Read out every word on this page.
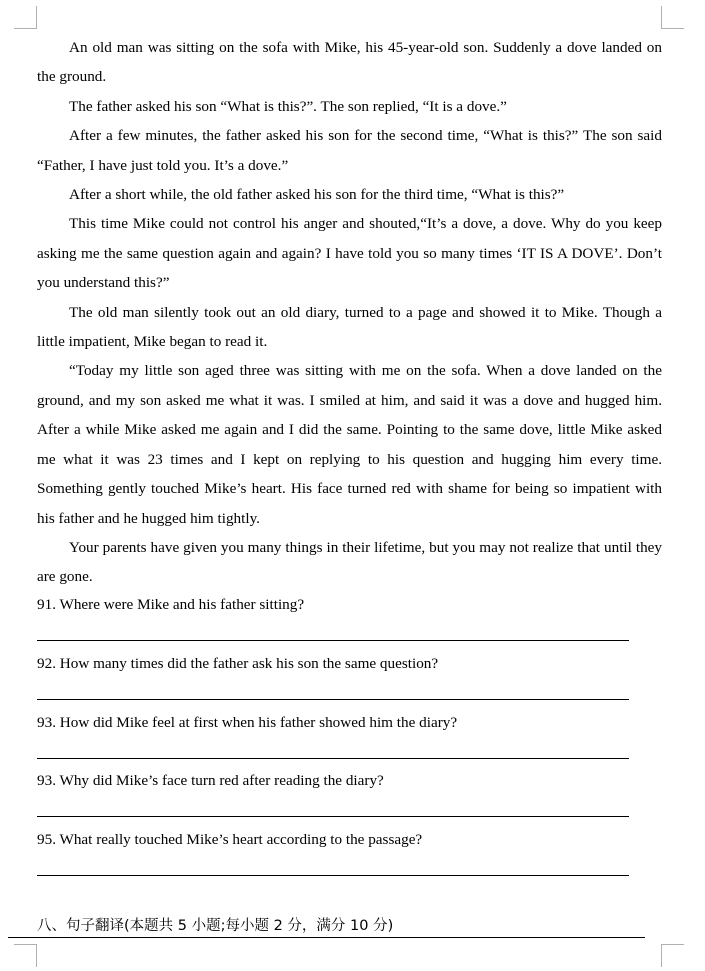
An old man was sitting on the sofa with Mike, his 45-year-old son. Suddenly a dove landed on the ground.

The father asked his son “What is this?”. The son replied, “It is a dove.”

After a few minutes, the father asked his son for the second time, “What is this?” The son said “Father, I have just told you. It’s a dove.”

After a short while, the old father asked his son for the third time, “What is this?”

This time Mike could not control his anger and shouted,“It’s a dove, a dove. Why do you keep asking me the same question again and again? I have told you so many times ‘IT IS A DOVE’. Don’t you understand this?”

The old man silently took out an old diary, turned to a page and showed it to Mike. Though a little impatient, Mike began to read it.

“Today my little son aged three was sitting with me on the sofa. When a dove landed on the ground, and my son asked me what it was. I smiled at him, and said it was a dove and hugged him. After a while Mike asked me again and I did the same. Pointing to the same dove, little Mike asked me what it was 23 times and I kept on replying to his question and hugging him every time. Something gently touched Mike’s heart. His face turned red with shame for being so impatient with his father and he hugged him tightly.

Your parents have given you many things in their lifetime, but you may not realize that until they are gone.

91. Where were Mike and his father sitting?
92. How many times did the father ask his son the same question?
93. How did Mike feel at first when his father showed him the diary?
93. Why did Mike’s face turn red after reading the diary?
95. What really touched Mike’s heart according to the passage?
八、句子翻译(本题共 5 小题;每小题 2 分，满分 10 分)
